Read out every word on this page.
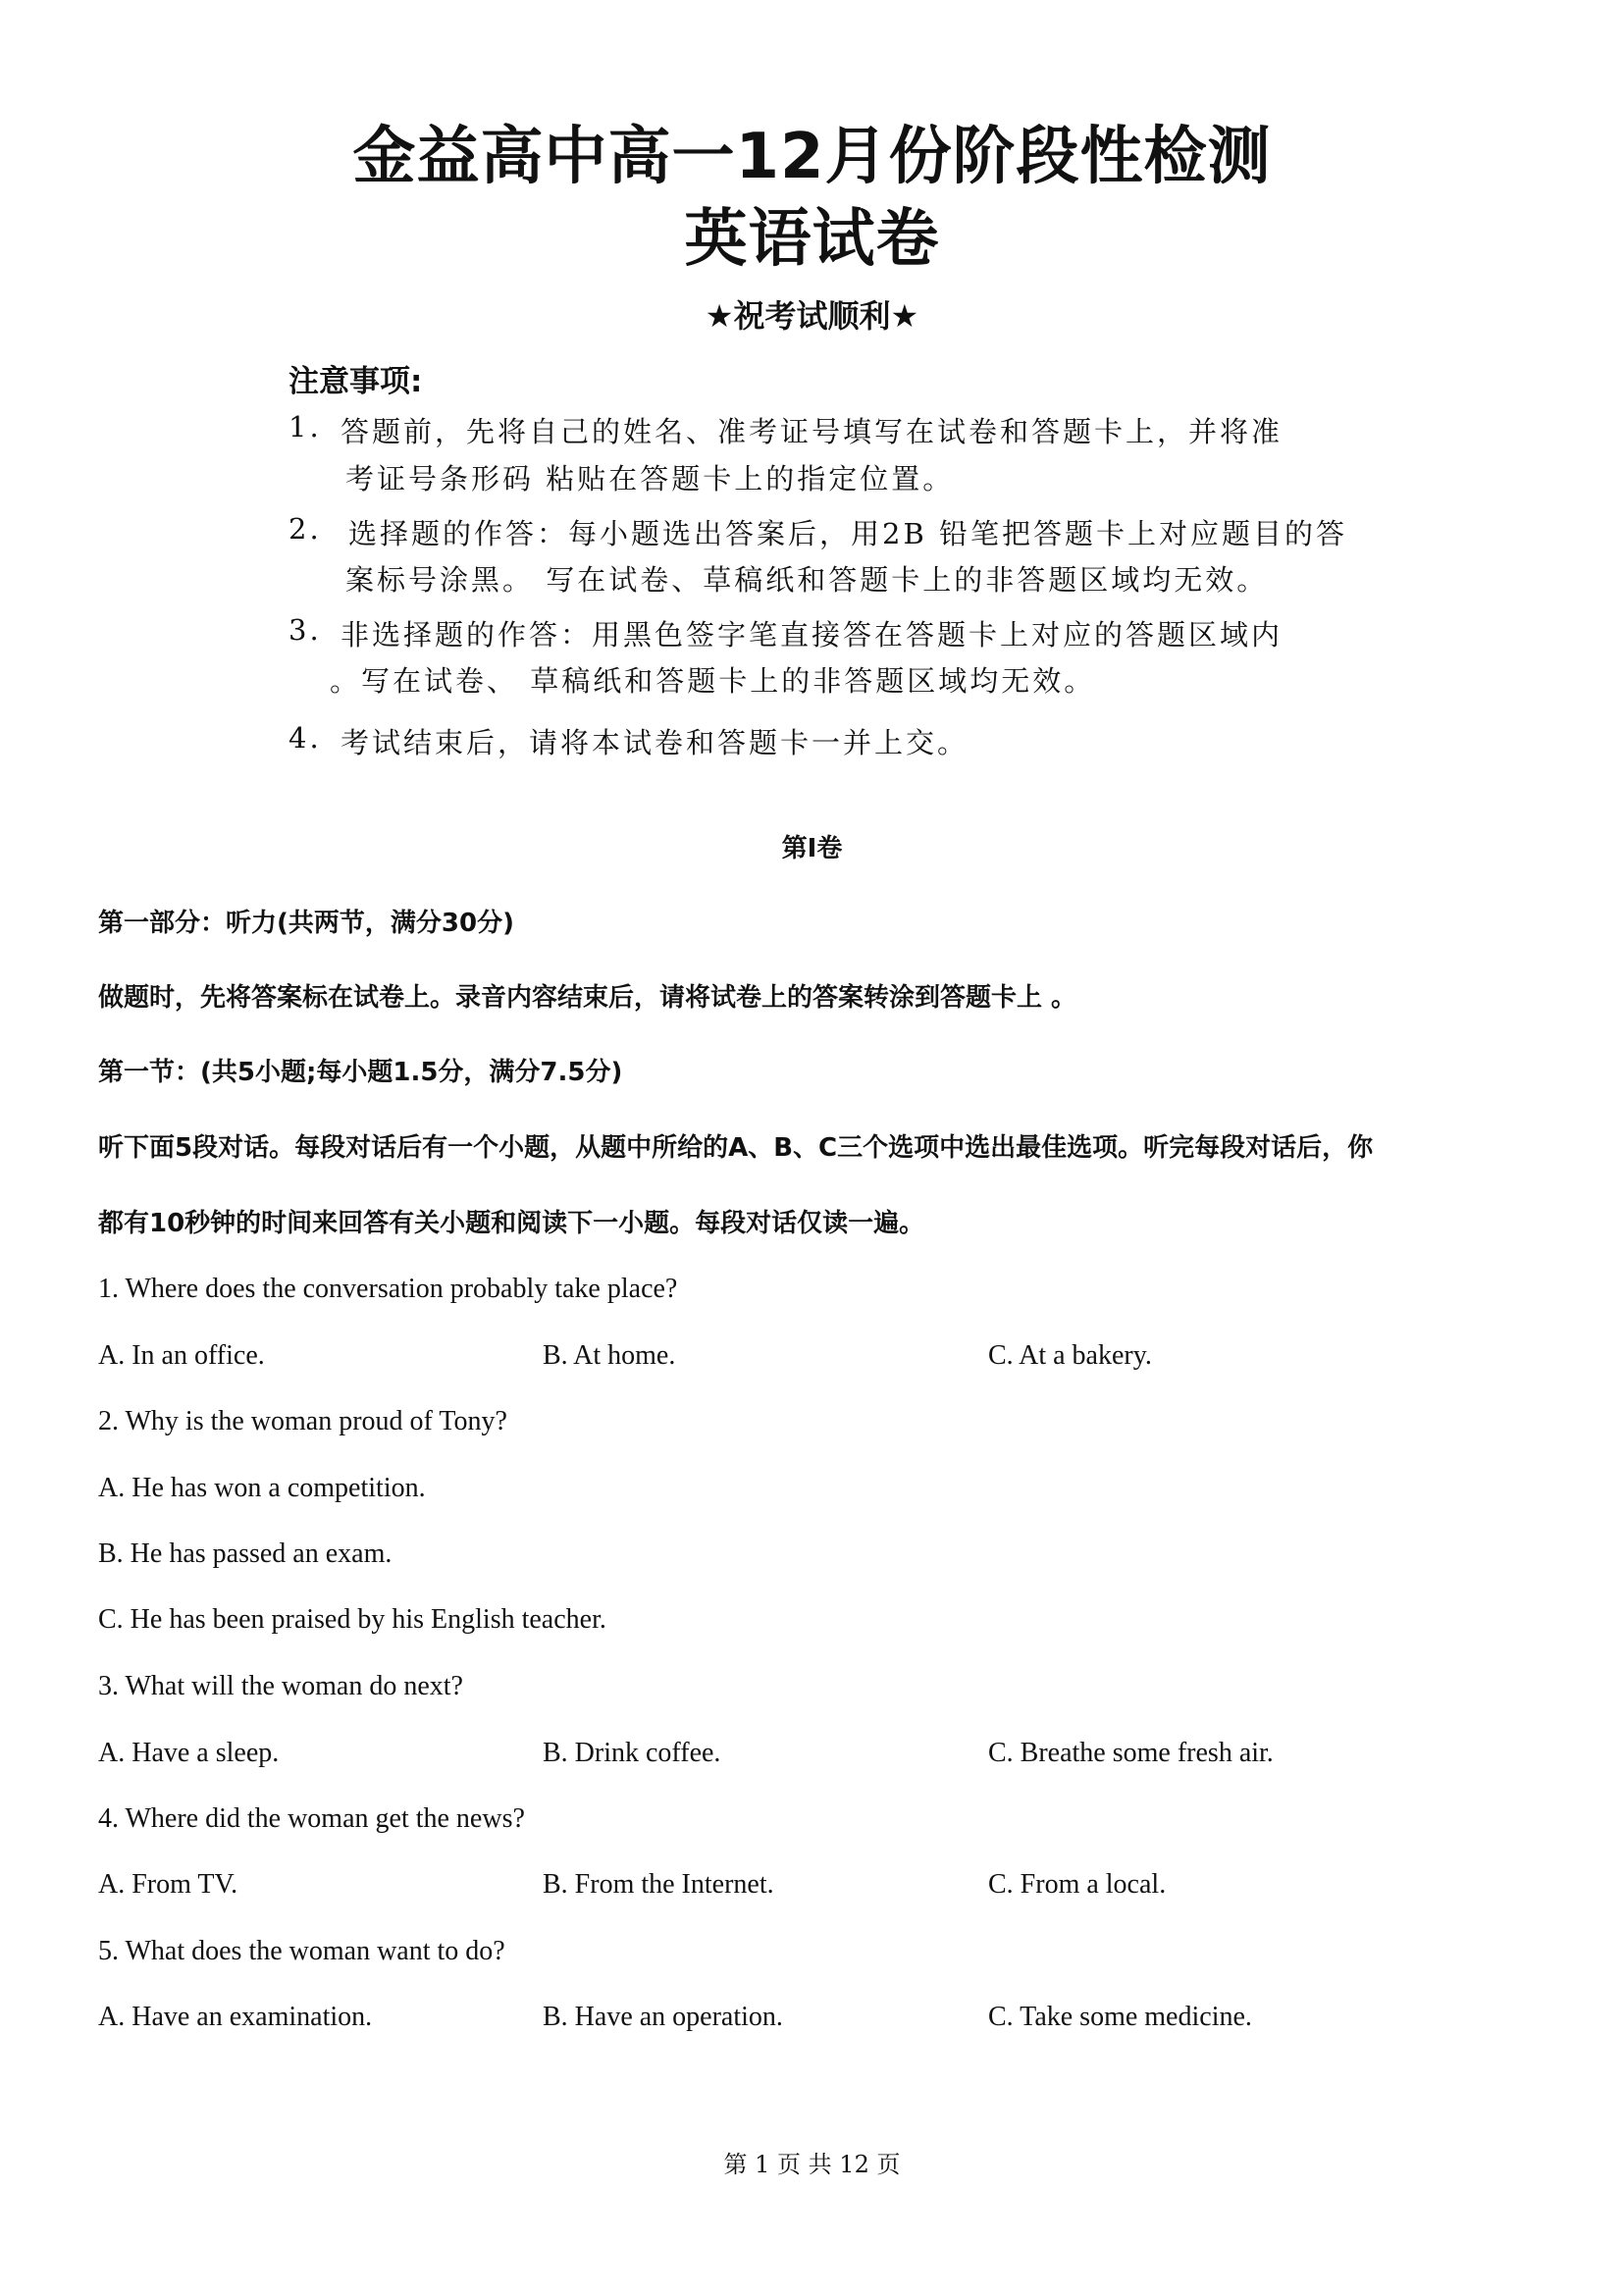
金益高中高一12月份阶段性检测
英语试卷
★祝考试顺利★
注意事项:
1. 答题前，先将自己的姓名、准考证号填写在试卷和答题卡上，并将准
考证号条形码 粘贴在答题卡上的指定位置。
2. 选择题的作答：每小题选出答案后，用2B 铅笔把答题卡上对应题目的答
案标号涂黑。 写在试卷、草稿纸和答题卡上的非答题区域均无效。
3. 非选择题的作答：用黑色签字笔直接答在答题卡上对应的答题区域内
。写在试卷、 草稿纸和答题卡上的非答题区域均无效。
4. 考试结束后，请将本试卷和答题卡一并上交。
第Ⅰ卷
第一部分：听力(共两节，满分30分)
做题时，先将答案标在试卷上。录音内容结束后，请将试卷上的答案转涂到答题卡上 。
第一节：(共5小题;每小题1.5分，满分7.5分)
听下面5段对话。每段对话后有一个小题，从题中所给的A、B、C三个选项中选出最佳选项。听完每段对话后，你
都有10秒钟的时间来回答有关小题和阅读下一小题。每段对话仅读一遍。
1. Where does the conversation probably take place?
A. In an office.	B. At home.	C. At a bakery.
2. Why is the woman proud of Tony?
A. He has won a competition.
B. He has passed an exam.
C. He has been praised by his English teacher.
3. What will the woman do next?
A. Have a sleep.	B. Drink coffee.	C. Breathe some fresh air.
4. Where did the woman get the news?
A. From TV.	B. From the Internet.	C. From a local.
5. What does the woman want to do?
A. Have an examination.	B. Have an operation.	C. Take some medicine.
第 1 页 共 12 页
